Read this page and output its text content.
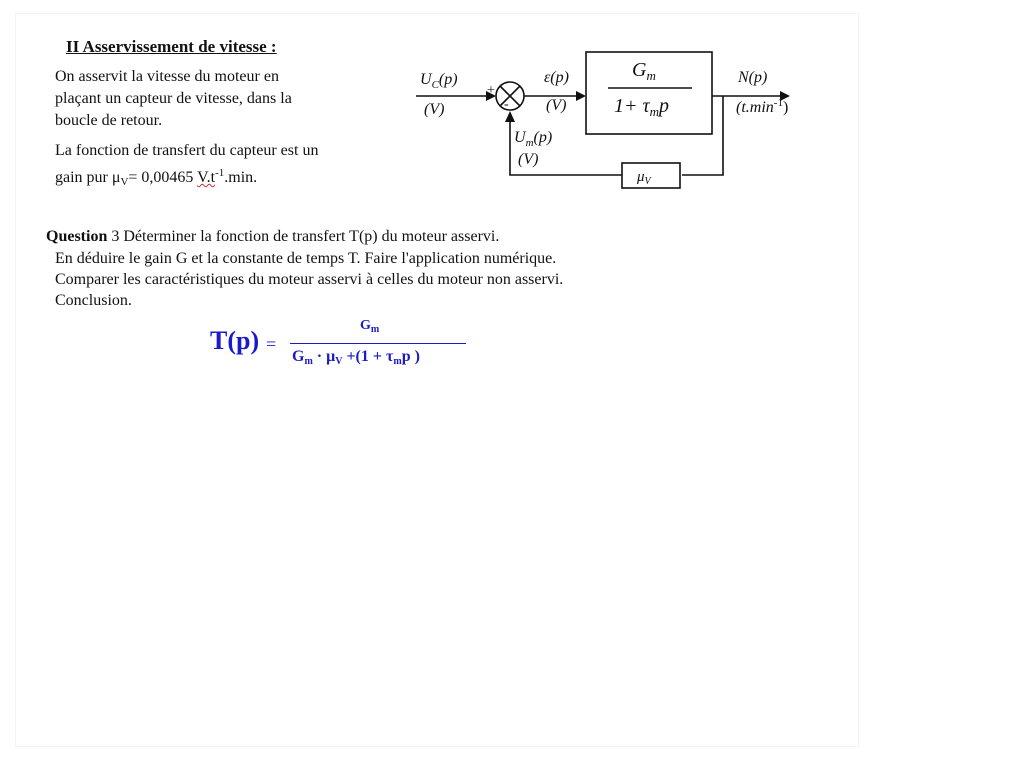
II Asservissement de vitesse :
On asservit la vitesse du moteur en
plaçant un capteur de vitesse, dans la
boucle de retour.
La fonction de transfert du capteur est un
gain pur $\mu_V= 0,00465$ $V.t^{-1}.\min$.
$U_C(p)$
(V)
+
-
ε(p)
(V)
$G_m$
$1+ \tau_mp$
N(p)
$(t.\min^{-1})$
$\mu_V$
$U_m(p)$
(V)
Question 3 Déterminer la fonction de transfert T(p) du moteur asservi.
En déduire le gain G et la constante de temps T. Faire l'application numérique.
Comparer les caractéristiques du moteur asservi à celles du moteur non asservi.
Conclusion.
T(p) =
$G_m$
Gm · μV +(1 + τmp )
